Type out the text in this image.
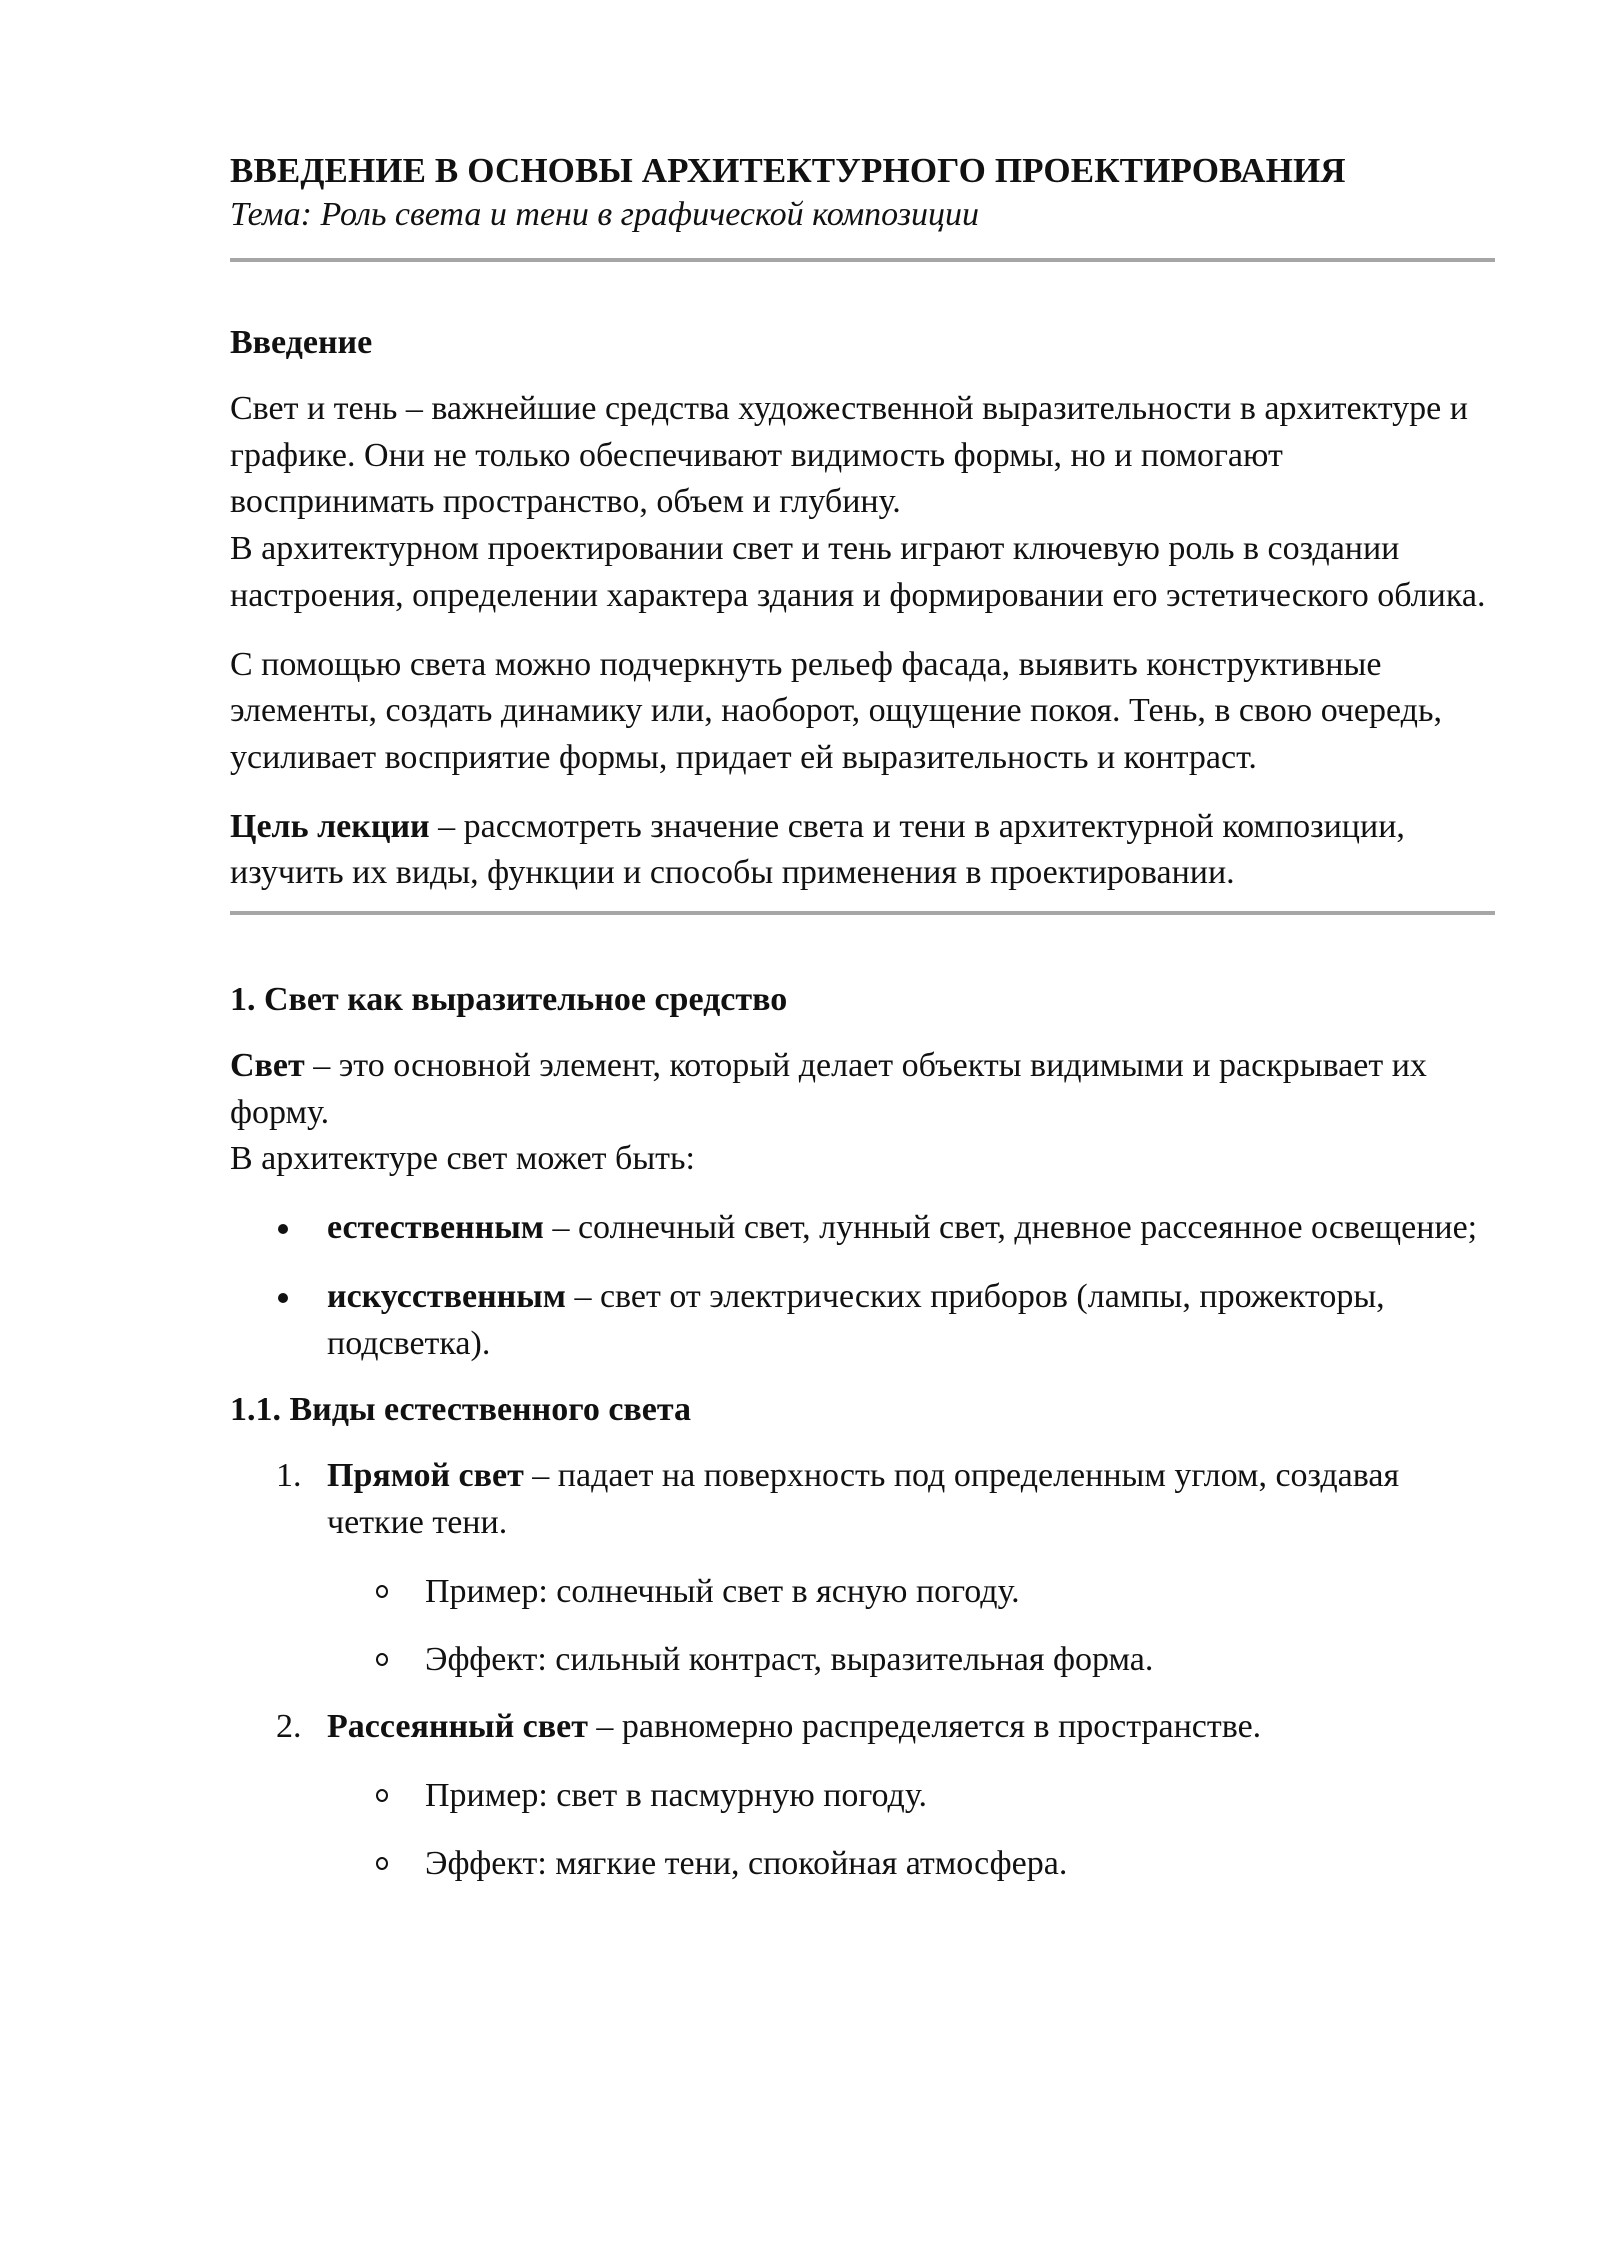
ВВЕДЕНИЕ В ОСНОВЫ АРХИТЕКТУРНОГО ПРОЕКТИРОВАНИЯ

Тема: Роль света и тени в графической композиции

Введение

Свет и тень – важнейшие средства художественной выразительности в архитектуре и графике. Они не только обеспечивают видимость формы, но и помогают воспринимать пространство, объем и глубину.
В архитектурном проектировании свет и тень играют ключевую роль в создании настроения, определении характера здания и формировании его эстетического облика.

С помощью света можно подчеркнуть рельеф фасада, выявить конструктивные элементы, создать динамику или, наоборот, ощущение покоя. Тень, в свою очередь, усиливает восприятие формы, придает ей выразительность и контраст.

Цель лекции – рассмотреть значение света и тени в архитектурной композиции, изучить их виды, функции и способы применения в проектировании.

1. Свет как выразительное средство

Свет – это основной элемент, который делает объекты видимыми и раскрывает их форму.
В архитектуре свет может быть:

естественным – солнечный свет, лунный свет, дневное рассеянное освещение;
искусственным – свет от электрических приборов (лампы, прожекторы, подсветка).
1.1. Виды естественного света
1. Прямой свет – падает на поверхность под определенным углом, создавая четкие тени.
Пример: солнечный свет в ясную погоду.
Эффект: сильный контраст, выразительная форма.
2. Рассеянный свет – равномерно распределяется в пространстве.
Пример: свет в пасмурную погоду.
Эффект: мягкие тени, спокойная атмосфера.
